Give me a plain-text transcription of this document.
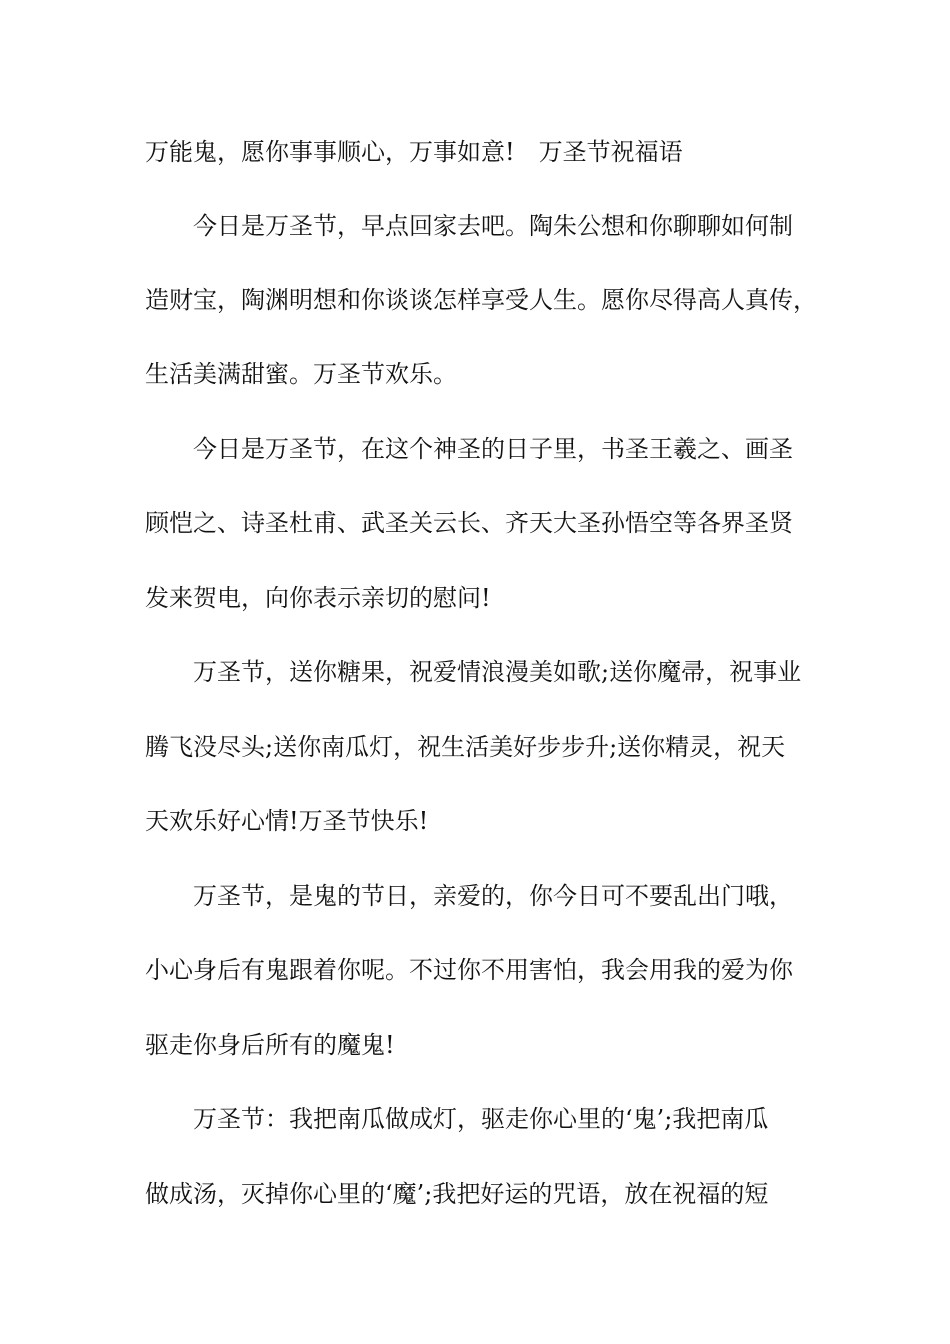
万能鬼，愿你事事顺心，万事如意!　万圣节祝福语
今日是万圣节，早点回家去吧。陶朱公想和你聊聊如何制
造财宝，陶渊明想和你谈谈怎样享受人生。愿你尽得高人真传，
生活美满甜蜜。万圣节欢乐。
今日是万圣节，在这个神圣的日子里，书圣王羲之、画圣
顾恺之、诗圣杜甫、武圣关云长、齐天大圣孙悟空等各界圣贤
发来贺电，向你表示亲切的慰问!
万圣节，送你糖果，祝爱情浪漫美如歌;送你魔帚，祝事业
腾飞没尽头;送你南瓜灯，祝生活美好步步升;送你精灵，祝天
天欢乐好心情!万圣节快乐!
万圣节，是鬼的节日，亲爱的，你今日可不要乱出门哦，
小心身后有鬼跟着你呢。不过你不用害怕，我会用我的爱为你
驱走你身后所有的魔鬼!
万圣节：我把南瓜做成灯，驱走你心里的‘鬼’;我把南瓜
做成汤，灭掉你心里的‘魔’;我把好运的咒语，放在祝福的短
